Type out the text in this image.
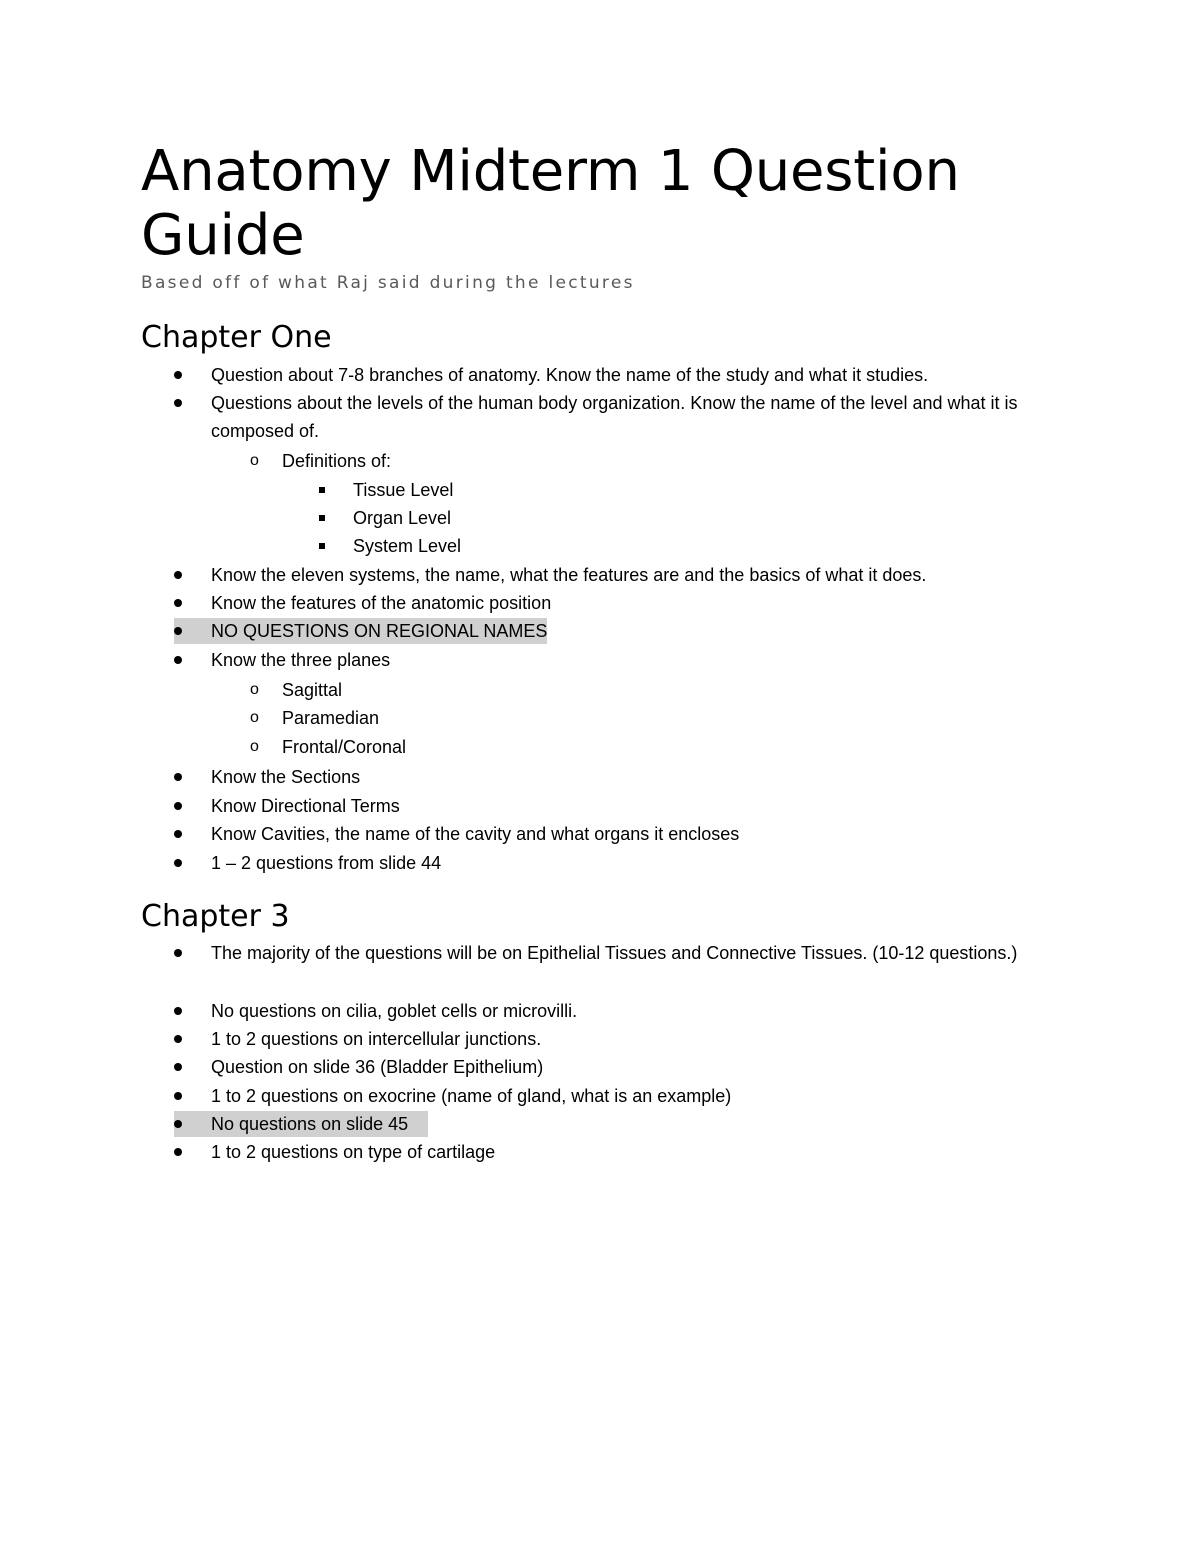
Anatomy Midterm 1 Question Guide

Based off of what Raj said during the lectures

Chapter One
Question about 7-8 branches of anatomy. Know the name of the study and what it studies.
Questions about the levels of the human body organization. Know the name of the level and what it is composed of.
o Definitions of:
Tissue Level
Organ Level
System Level
Know the eleven systems, the name, what the features are and the basics of what it does.
Know the features of the anatomic position
NO QUESTIONS ON REGIONAL NAMES
Know the three planes
o Sagittal
o Paramedian
o Frontal/Coronal
Know the Sections
Know Directional Terms
Know Cavities, the name of the cavity and what organs it encloses
1 – 2 questions from slide 44
Chapter 3
The majority of the questions will be on Epithelial Tissues and Connective Tissues. (10-12 questions.)
No questions on cilia, goblet cells or microvilli.
1 to 2 questions on intercellular junctions.
Question on slide 36 (Bladder Epithelium)
1 to 2 questions on exocrine (name of gland, what is an example)
No questions on slide 45
1 to 2 questions on type of cartilage
